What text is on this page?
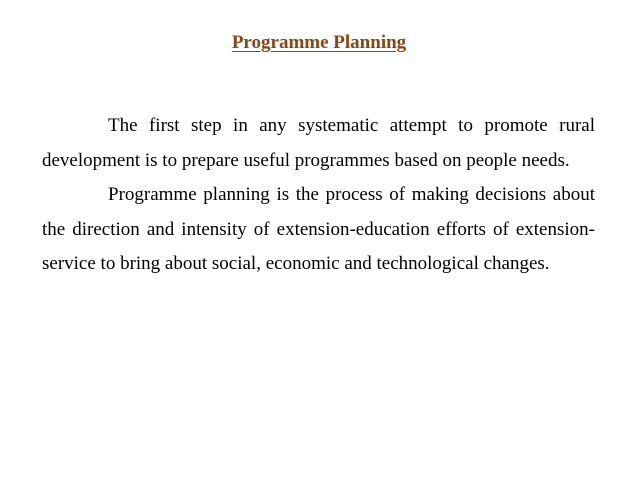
Programme Planning

The first step in any systematic attempt to promote rural development is to prepare useful programmes based on people needs.

Programme planning is the process of making decisions about the direction and intensity of extension-education efforts of extension-service to bring about social, economic and technological changes.
